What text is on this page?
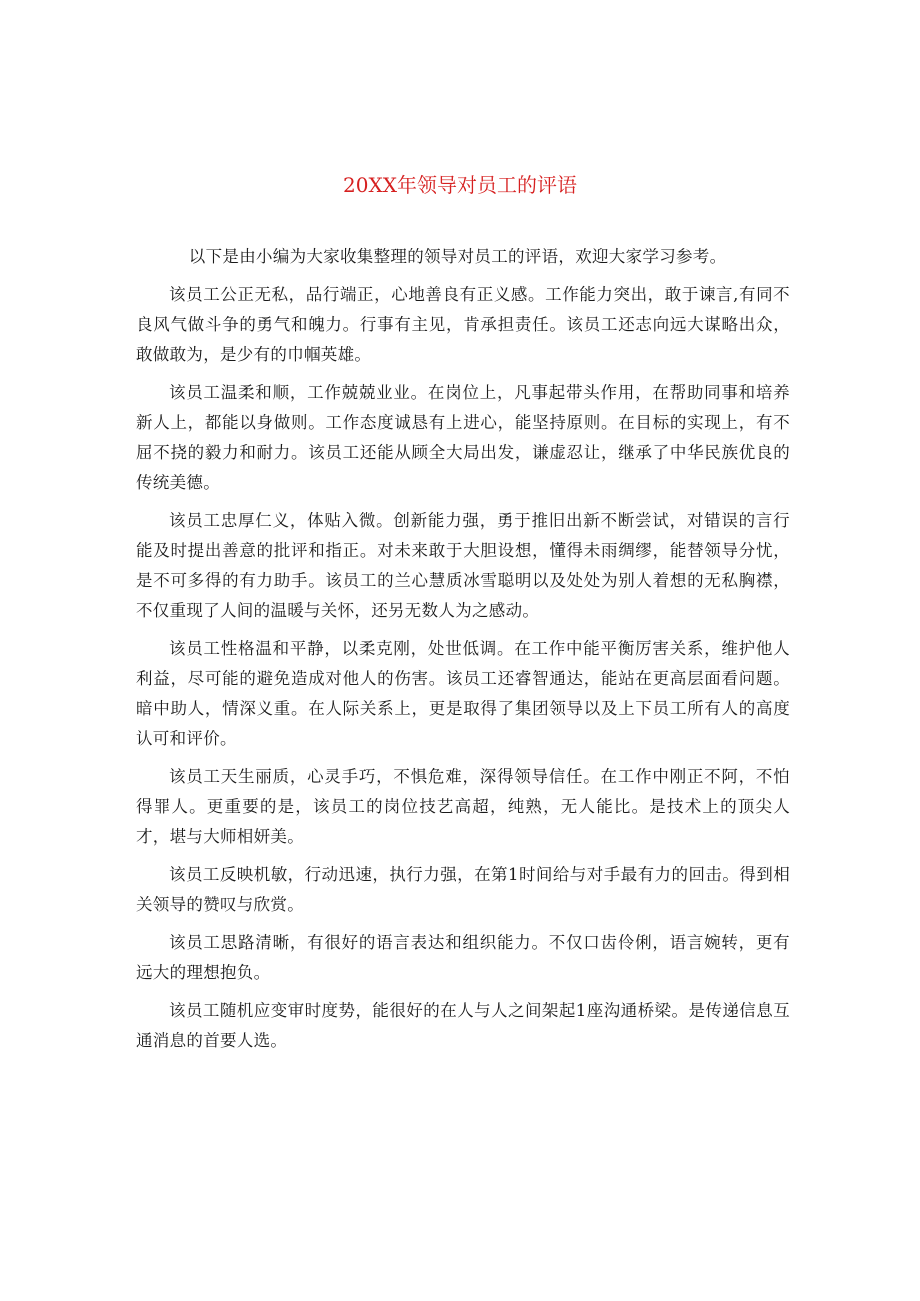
20XX年领导对员工的评语

以下是由小编为大家收集整理的领导对员工的评语，欢迎大家学习参考。

该员工公正无私，品行端正，心地善良有正义感。工作能力突出，敢于谏言,有同不良风气做斗争的勇气和魄力。行事有主见，肯承担责任。该员工还志向远大谋略出众，敢做敢为，是少有的巾帼英雄。

该员工温柔和顺，工作兢兢业业。在岗位上，凡事起带头作用，在帮助同事和培养新人上，都能以身做则。工作态度诚恳有上进心，能坚持原则。在目标的实现上，有不屈不挠的毅力和耐力。该员工还能从顾全大局出发，谦虚忍让，继承了中华民族优良的传统美德。

该员工忠厚仁义，体贴入微。创新能力强，勇于推旧出新不断尝试，对错误的言行能及时提出善意的批评和指正。对未来敢于大胆设想，懂得未雨绸缪，能替领导分忧，是不可多得的有力助手。该员工的兰心慧质冰雪聪明以及处处为别人着想的无私胸襟，不仅重现了人间的温暖与关怀，还另无数人为之感动。

该员工性格温和平静，以柔克刚，处世低调。在工作中能平衡厉害关系，维护他人利益，尽可能的避免造成对他人的伤害。该员工还睿智通达，能站在更高层面看问题。暗中助人，情深义重。在人际关系上，更是取得了集团领导以及上下员工所有人的高度认可和评价。

该员工天生丽质，心灵手巧，不惧危难，深得领导信任。在工作中刚正不阿，不怕得罪人。更重要的是，该员工的岗位技艺高超，纯熟，无人能比。是技术上的顶尖人才，堪与大师相妍美。

该员工反映机敏，行动迅速，执行力强，在第1时间给与对手最有力的回击。得到相关领导的赞叹与欣赏。

该员工思路清晰，有很好的语言表达和组织能力。不仅口齿伶俐，语言婉转，更有远大的理想抱负。

该员工随机应变审时度势，能很好的在人与人之间架起1座沟通桥梁。是传递信息互通消息的首要人选。
